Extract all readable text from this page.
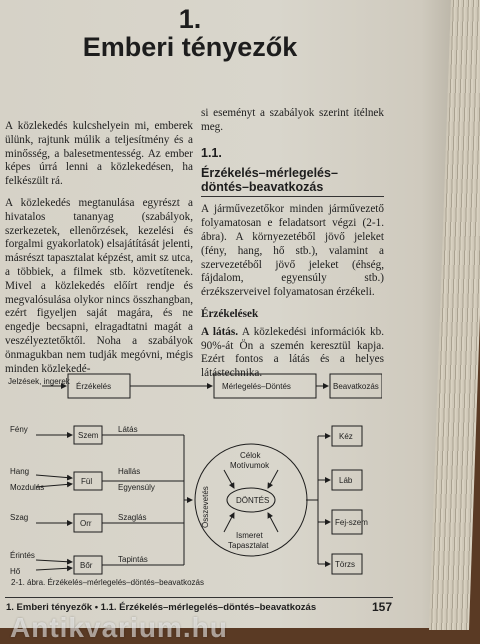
1.
Emberi tényezők

A közlekedés kulcshelyein mi, emberek ülünk, rajtunk múlik a teljesítmény és a minősség, a balesetmentesség. Az ember képes úrrá lenni a közlekedésen, ha felkészült rá.

A közlekedés megtanulása egyrészt a hivatalos tananyag (szabályok, szerkezetek, ellenőrzések, kezelési és forgalmi gyakorlatok) elsajátítását jelenti, másrészt tapasztalat képzést, amit sz utca, a többiek, a filmek stb. közvetítenek. Mivel a közlekedés előírt rendje és megvalósulása olykor nincs összhangban, ezért figyeljen saját magára, és ne engedje becsapni, elragadtatni magát a veszélyeztetőktől. Noha a szabályok önmagukban nem tudják megóvni, mégis minden közlekedé-

si eseményt a szabályok szerint ítélnek meg.

1.1.

Érzékelés–mérlegelés–döntés–beavatkozás

A járművezetőkor minden járművezető folyamatosan e feladatsort végzi (2-1. ábra). A környezetéből jövő jeleket (fény, hang, hő stb.), valamint a szervezetéből jövő jeleket (éhség, fájdalom, egyensúly stb.) érzékszerveivel folyamatosan érzékeli.

Érzékelések

A látás. A közlekedési információk kb. 90%-át Ön a szemén keresztül kapja. Ezért fontos a látás és a helyes látástechnika.

Jelzések, ingerek
Érzékelés	Mérlegelés–Döntés	Beavatkozás
Fény
Hang
Mozdulás
Szag
Érintés
Hő
Szem
Fül
Orr
Bőr
Látás
Hallás
Egyensúly
Szaglás
Tapintás
Célok
Motívumok
DÖNTÉS
Ismeret
Tapasztalat
Összevetés
Kéz
Láb
Fej-szem
Törzs
2-1. ábra. Érzékelés–mérlegelés–döntés–beavatkozás
1. Emberi tényezők • 1.1. Érzékelés–mérlegelés–döntés–beavatkozás	157
Antikvarium.hu
